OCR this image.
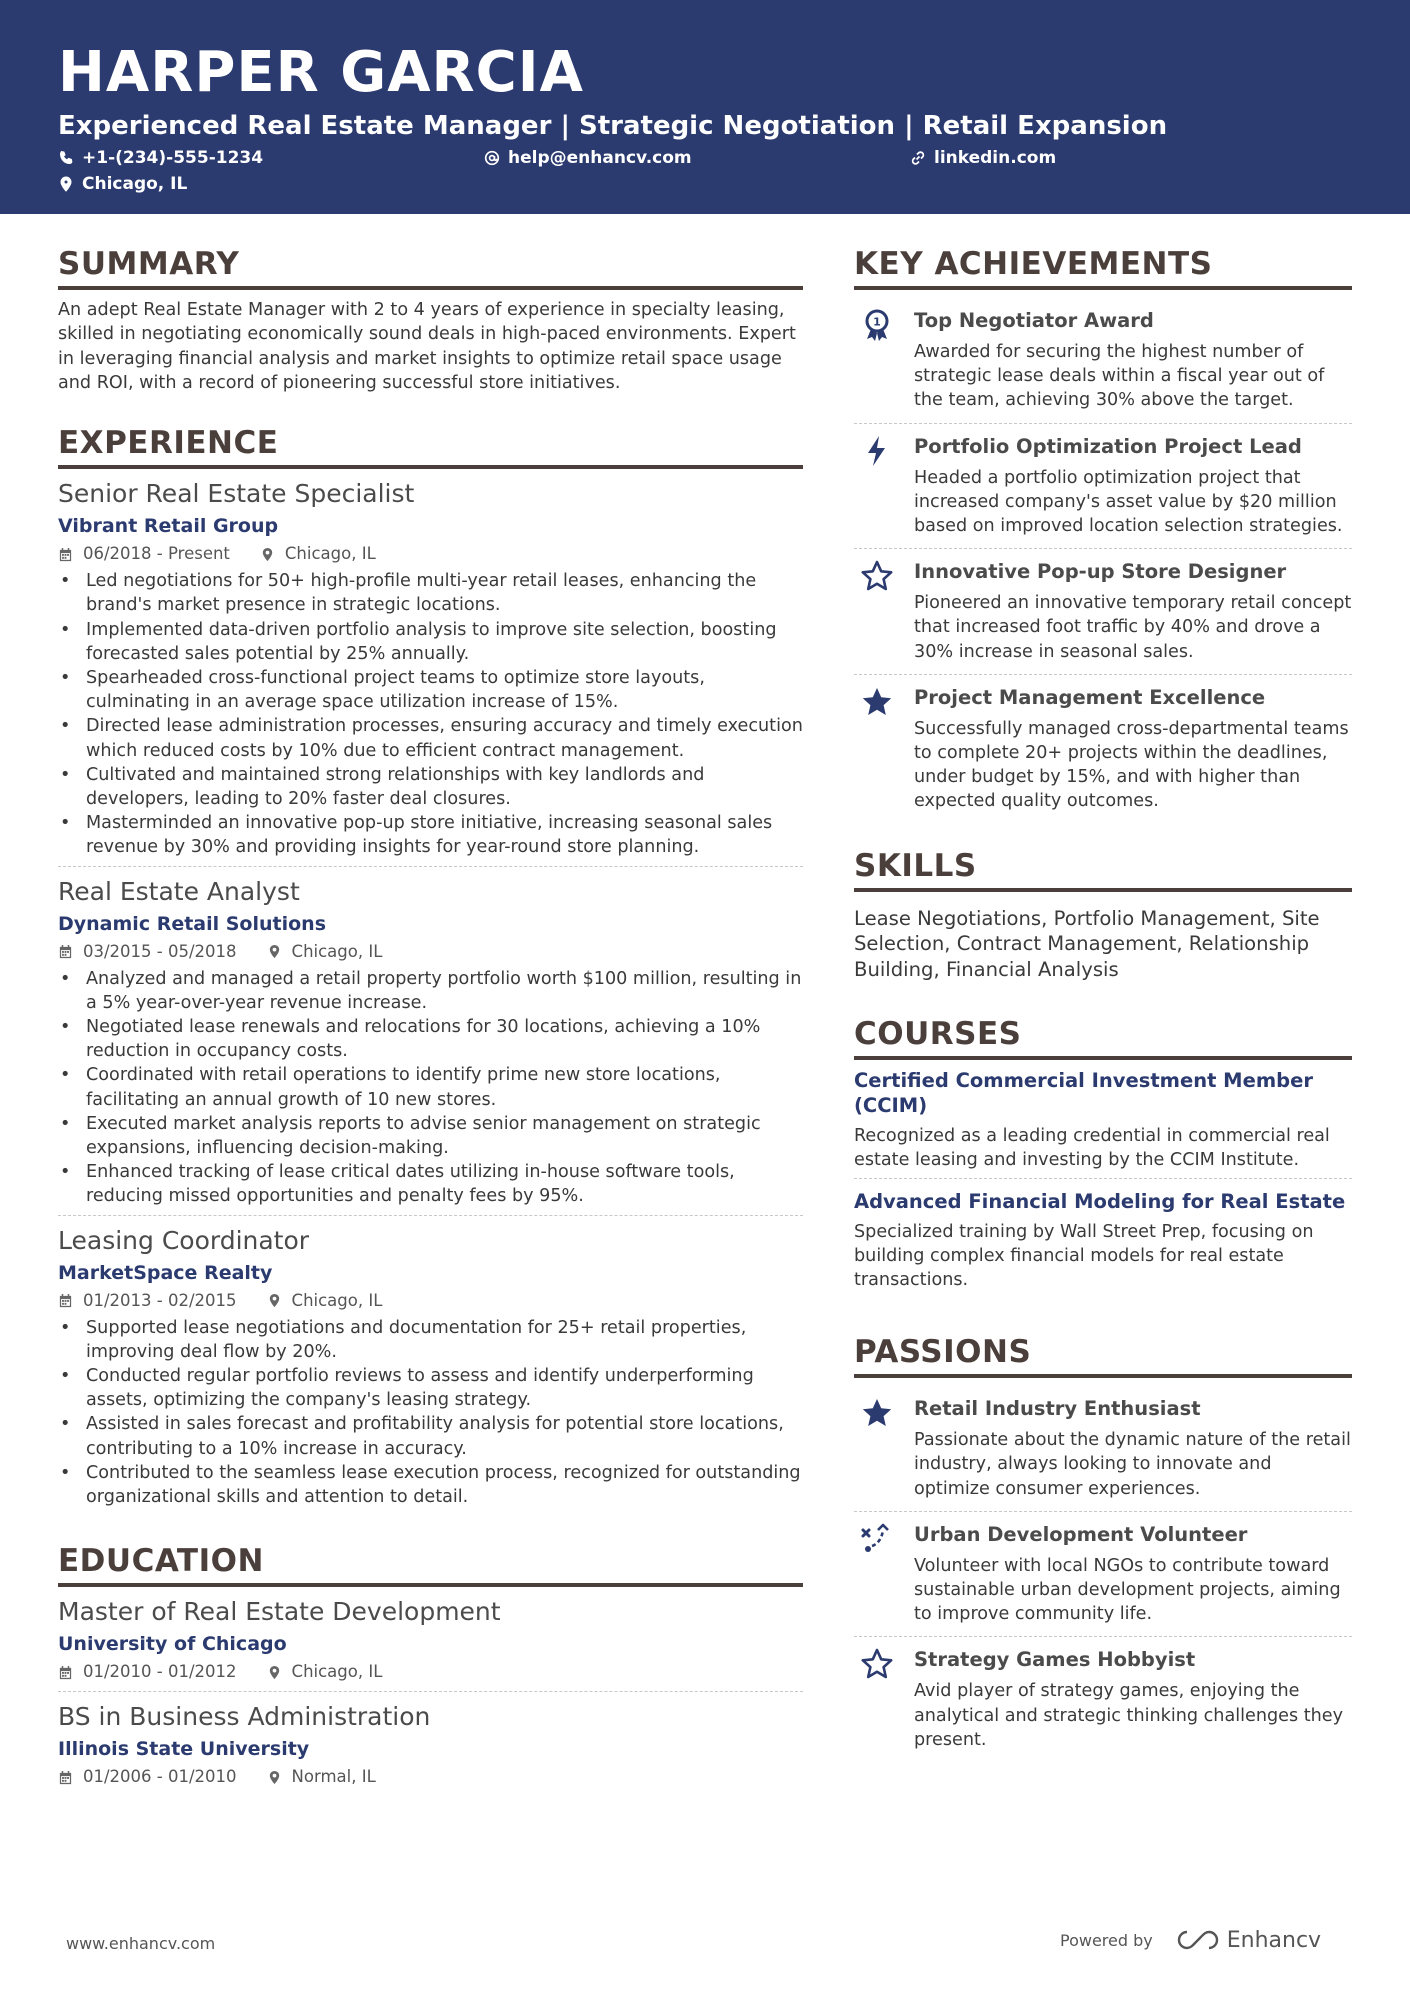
HARPER GARCIA
Experienced Real Estate Manager | Strategic Negotiation | Retail Expansion
+1-(234)-555-1234	help@enhancv.com	linkedin.com
Chicago, IL
SUMMARY
An adept Real Estate Manager with 2 to 4 years of experience in specialty leasing, skilled in negotiating economically sound deals in high-paced environments. Expert in leveraging financial analysis and market insights to optimize retail space usage and ROI, with a record of pioneering successful store initiatives.
EXPERIENCE
Senior Real Estate Specialist
Vibrant Retail Group
06/2018 - Present	Chicago, IL
• Led negotiations for 50+ high-profile multi-year retail leases, enhancing the brand's market presence in strategic locations.
• Implemented data-driven portfolio analysis to improve site selection, boosting forecasted sales potential by 25% annually.
• Spearheaded cross-functional project teams to optimize store layouts, culminating in an average space utilization increase of 15%.
• Directed lease administration processes, ensuring accuracy and timely execution which reduced costs by 10% due to efficient contract management.
• Cultivated and maintained strong relationships with key landlords and developers, leading to 20% faster deal closures.
• Masterminded an innovative pop-up store initiative, increasing seasonal sales revenue by 30% and providing insights for year-round store planning.
Real Estate Analyst
Dynamic Retail Solutions
03/2015 - 05/2018	Chicago, IL
• Analyzed and managed a retail property portfolio worth $100 million, resulting in a 5% year-over-year revenue increase.
• Negotiated lease renewals and relocations for 30 locations, achieving a 10% reduction in occupancy costs.
• Coordinated with retail operations to identify prime new store locations, facilitating an annual growth of 10 new stores.
• Executed market analysis reports to advise senior management on strategic expansions, influencing decision-making.
• Enhanced tracking of lease critical dates utilizing in-house software tools, reducing missed opportunities and penalty fees by 95%.
Leasing Coordinator
MarketSpace Realty
01/2013 - 02/2015	Chicago, IL
• Supported lease negotiations and documentation for 25+ retail properties, improving deal flow by 20%.
• Conducted regular portfolio reviews to assess and identify underperforming assets, optimizing the company's leasing strategy.
• Assisted in sales forecast and profitability analysis for potential store locations, contributing to a 10% increase in accuracy.
• Contributed to the seamless lease execution process, recognized for outstanding organizational skills and attention to detail.
EDUCATION
Master of Real Estate Development
University of Chicago
01/2010 - 01/2012	Chicago, IL
BS in Business Administration
Illinois State University
01/2006 - 01/2010	Normal, IL
KEY ACHIEVEMENTS
1 Top Negotiator Award
Awarded for securing the highest number of strategic lease deals within a fiscal year out of the team, achieving 30% above the target.
Portfolio Optimization Project Lead
Headed a portfolio optimization project that increased company's asset value by $20 million based on improved location selection strategies.
Innovative Pop-up Store Designer
Pioneered an innovative temporary retail concept that increased foot traffic by 40% and drove a 30% increase in seasonal sales.
Project Management Excellence
Successfully managed cross-departmental teams to complete 20+ projects within the deadlines, under budget by 15%, and with higher than expected quality outcomes.
SKILLS
Lease Negotiations, Portfolio Management, Site Selection, Contract Management, Relationship Building, Financial Analysis
COURSES
Certified Commercial Investment Member (CCIM)
Recognized as a leading credential in commercial real estate leasing and investing by the CCIM Institute.
Advanced Financial Modeling for Real Estate
Specialized training by Wall Street Prep, focusing on building complex financial models for real estate transactions.
PASSIONS
Retail Industry Enthusiast
Passionate about the dynamic nature of the retail industry, always looking to innovate and optimize consumer experiences.
Urban Development Volunteer
Volunteer with local NGOs to contribute toward sustainable urban development projects, aiming to improve community life.
Strategy Games Hobbyist
Avid player of strategy games, enjoying the analytical and strategic thinking challenges they present.
www.enhancv.com	Powered by	Enhancv
